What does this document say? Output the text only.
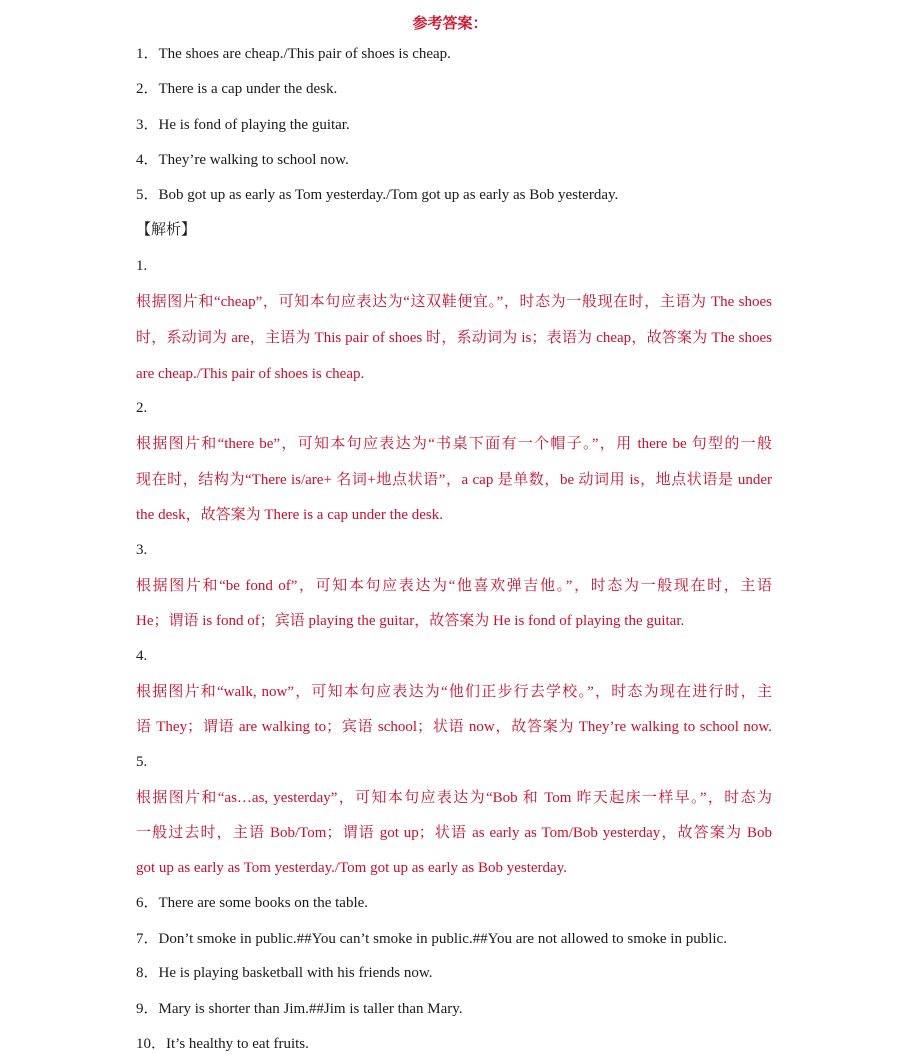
参考答案：
1．The shoes are cheap./This pair of shoes is cheap.
2．There is a cap under the desk.
3．He is fond of playing the guitar.
4．They’re walking to school now.
5．Bob got up as early as Tom yesterday./Tom got up as early as Bob yesterday.
【解析】
1.
根据图片和“cheap”，可知本句应表达为“这双鞋便宜。”，时态为一般现在时，主语为 The shoes
时，系动词为 are，主语为 This pair of shoes 时，系动词为 is；表语为 cheap，故答案为 The shoes
are cheap./This pair of shoes is cheap.
2.
根据图片和“there be”，可知本句应表达为“书桌下面有一个帽子。”，用 there be 句型的一般
现在时，结构为“There is/are+ 名词+地点状语”，a cap 是单数，be 动词用 is，地点状语是 under
the desk，故答案为 There is a cap under the desk.
3.
根据图片和“be fond of”，可知本句应表达为“他喜欢弹吉他。”，时态为一般现在时，主语
He；谓语 is fond of；宾语 playing the guitar，故答案为 He is fond of playing the guitar.
4.
根据图片和“walk, now”，可知本句应表达为“他们正步行去学校。”，时态为现在进行时，主
语 They；谓语 are walking to；宾语 school；状语 now，故答案为 They’re walking to school now.
5.
根据图片和“as…as, yesterday”，可知本句应表达为“Bob 和 Tom 昨天起床一样早。”，时态为
一般过去时，主语 Bob/Tom；谓语 got up；状语 as early as Tom/Bob yesterday，故答案为 Bob
got up as early as Tom yesterday./Tom got up as early as Bob yesterday.
6．There are some books on the table.
7．Don’t smoke in public.##You can’t smoke in public.##You are not allowed to smoke in public.
8．He is playing basketball with his friends now.
9．Mary is shorter than Jim.##Jim is taller than Mary.
10．It’s healthy to eat fruits.
